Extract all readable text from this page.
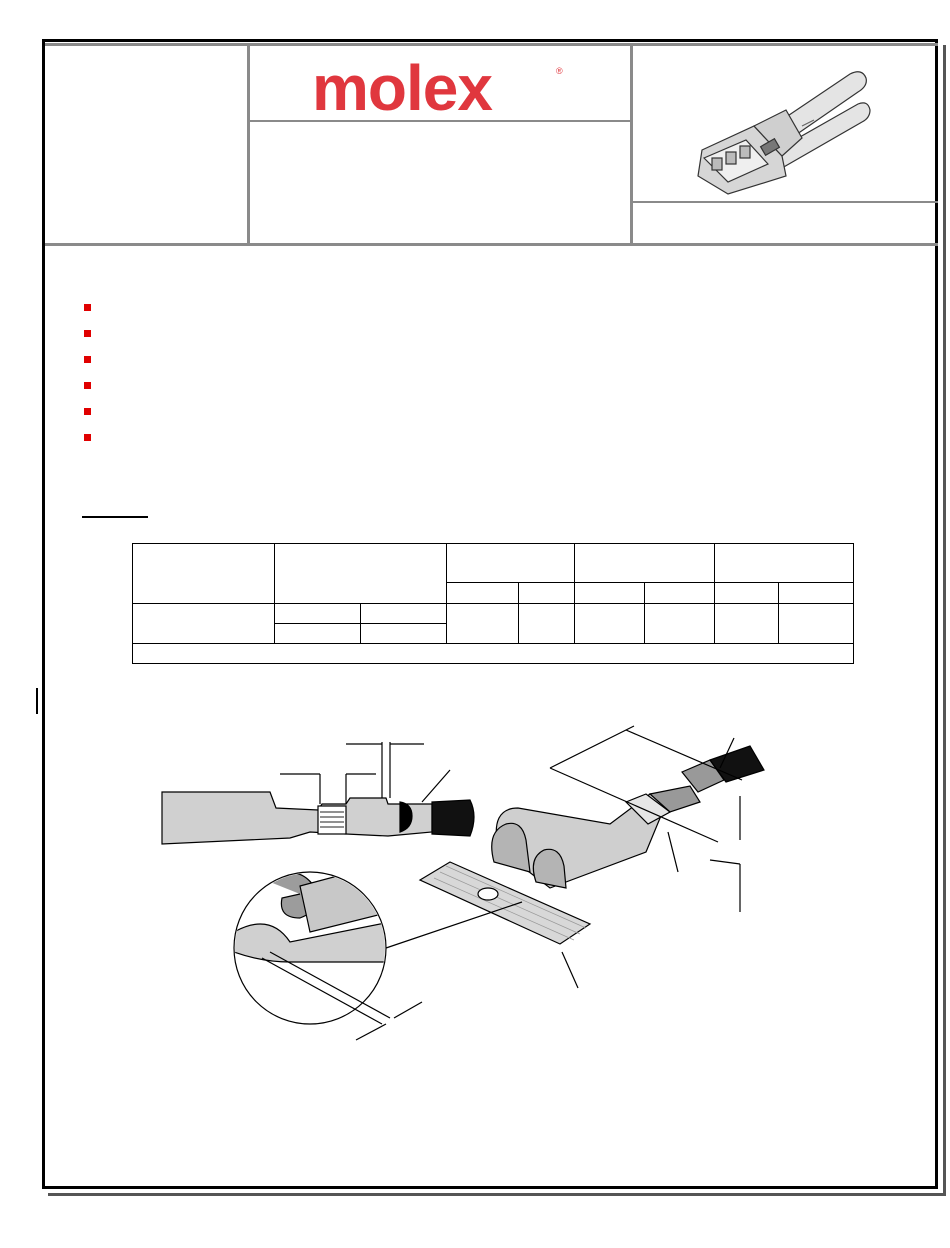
molex	®
